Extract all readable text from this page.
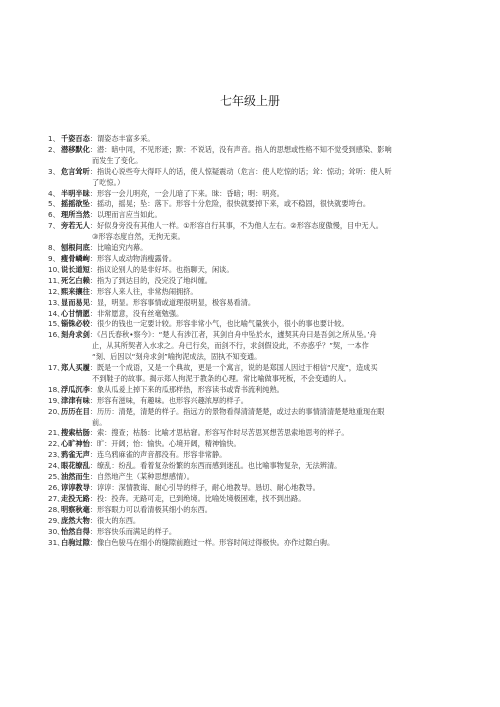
七年级上册
1、千姿百态：谓姿态丰富多采。
2、潜移默化：潜：暗中同，不见形迹；默：不说话，没有声音。指人的思想或性格不知不觉受到感染、影响
而发生了变化。
3、危言耸听：指说心说些夸大得吓人的话，使人惊疑震动（危言：使人吃惊的话；耸：惊动；耸听：使人听
了吃惊。）
4、半明半昧：形容一会儿明亮，一会儿暗了下来。昧：昏暗；明：明亮。
5、摇摇欲坠：摇动，摇晃；坠：落下。形容十分危险，很快就要掉下来，或不稳固，很快就要垮台。
6、理所当然：以理而言应当如此。
7、旁若无人：好似身旁没有其他人一样。①形容自行其事，不为他人左右。②形容态度傲慢，目中无人。
③形容态度自然，无拘无束。
8、刨根问底：比喻追究内幕。
9、瘦骨嶙峋：形容人或动物消瘦露骨。
10、说长道短：指议论别人的是非好坏。也指聊天，闲谈。
11、死乞白赖：指为了到达目的，没完没了地纠缠。
12、熙来攘往：形容人来人往，非常热闹拥挤。
13、显而易见：显，明显。形容事情或道理很明显，极容易看清。
14、心甘情愿：非常愿意，没有丝毫勉强。
15、锱铢必较：很少的钱也一定要计较。形容非常小气，也比喻气量狭小，很小的事也要计较。
16、刻舟求剑：《吕氏春秋•察今》：“楚人有涉江者，其剑自舟中坠於水，遽契其舟曰是吾剑之所从坠。’舟
止，从其所契者入水求之。舟已行矣，而剑不行，求剑假设此，不亦惑乎？”契，一本作
“刻、后因以“刻舟求剑”喻拘泥成法，固执不知变通。
17、郑人买履：既是一个成语，又是一个典故，更是一个寓言，说的是郑国人因过于相信“尺度”，造成买
不到鞋子的故事。揭示郑人拘泥于教条的心理。常比喻做事死板，不会变通的人。
18、浮瓜沉李：象从瓜爰上掉下来的瓜那样热，形容读书或背书流利纯熟。
19、津津有味：形容有滋味，有趣味。也形容兴趣浓厚的样子。
20、历历在目：历历：清楚，清楚的样子。指远方的景物看得清清楚楚，或过去的事情清清楚楚地重现在眼
前。
21、搜索枯肠：索：搜查；枯肠：比喻才思枯窘。形容写作时尽苦思冥想苦思索地思考的样子。
22、心旷神怡：旷：开阔；怡：愉快。心境开阔，精神愉快。
23、鸦雀无声：连乌鸦麻雀的声音都没有。形容非常静。
24、眼花缭乱：缭乱：纷乱。看着复杂纷繁的东西而感到迷乱。也比喻事物复杂，无法辨清。
25、油然而生：自然地产生（某种思想感情）。
26、谆谆教导：谆谆：深情教诲、耐心引导的样子，耐心地教导。恳切、耐心地教导。
27、走投无路：投：投奔。无路可走，已到绝境。比喻处境极困难，找不到出路。
28、明察秋毫：形容眼力可以看清极其细小的东西。
29、庞然大物：很大的东西。
30、怡然自得：形容快乐而满足的样子。
31、白驹过隙：像白色骏马在细小的缝隙前跑过一样。形容时间过得极快。亦作过隙白驹。
